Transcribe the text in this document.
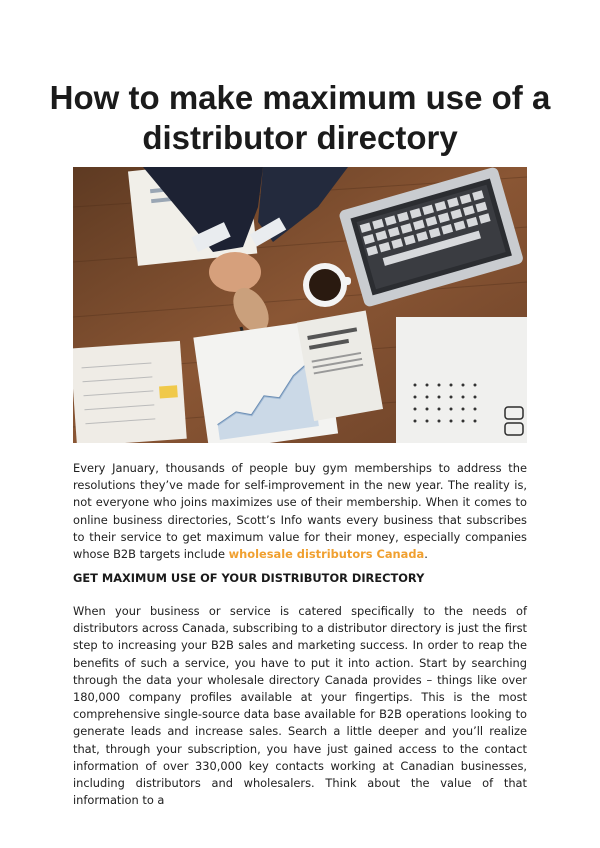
How to make maximum use of a distributor directory

Every January, thousands of people buy gym memberships to address the resolutions they’ve made for self-improvement in the new year. The reality is, not everyone who joins maximizes use of their membership. When it comes to online business directories, Scott’s Info wants every business that subscribes to their service to get maximum value for their money, especially companies whose B2B targets include wholesale distributors Canada.

GET MAXIMUM USE OF YOUR DISTRIBUTOR DIRECTORY

When your business or service is catered specifically to the needs of distributors across Canada, subscribing to a distributor directory is just the first step to increasing your B2B sales and marketing success. In order to reap the benefits of such a service, you have to put it into action. Start by searching through the data your wholesale directory Canada provides – things like over 180,000 company profiles available at your fingertips. This is the most comprehensive single-source data base available for B2B operations looking to generate leads and increase sales. Search a little deeper and you’ll realize that, through your subscription, you have just gained access to the contact information of over 330,000 key contacts working at Canadian businesses, including distributors and wholesalers. Think about the value of that information to a
